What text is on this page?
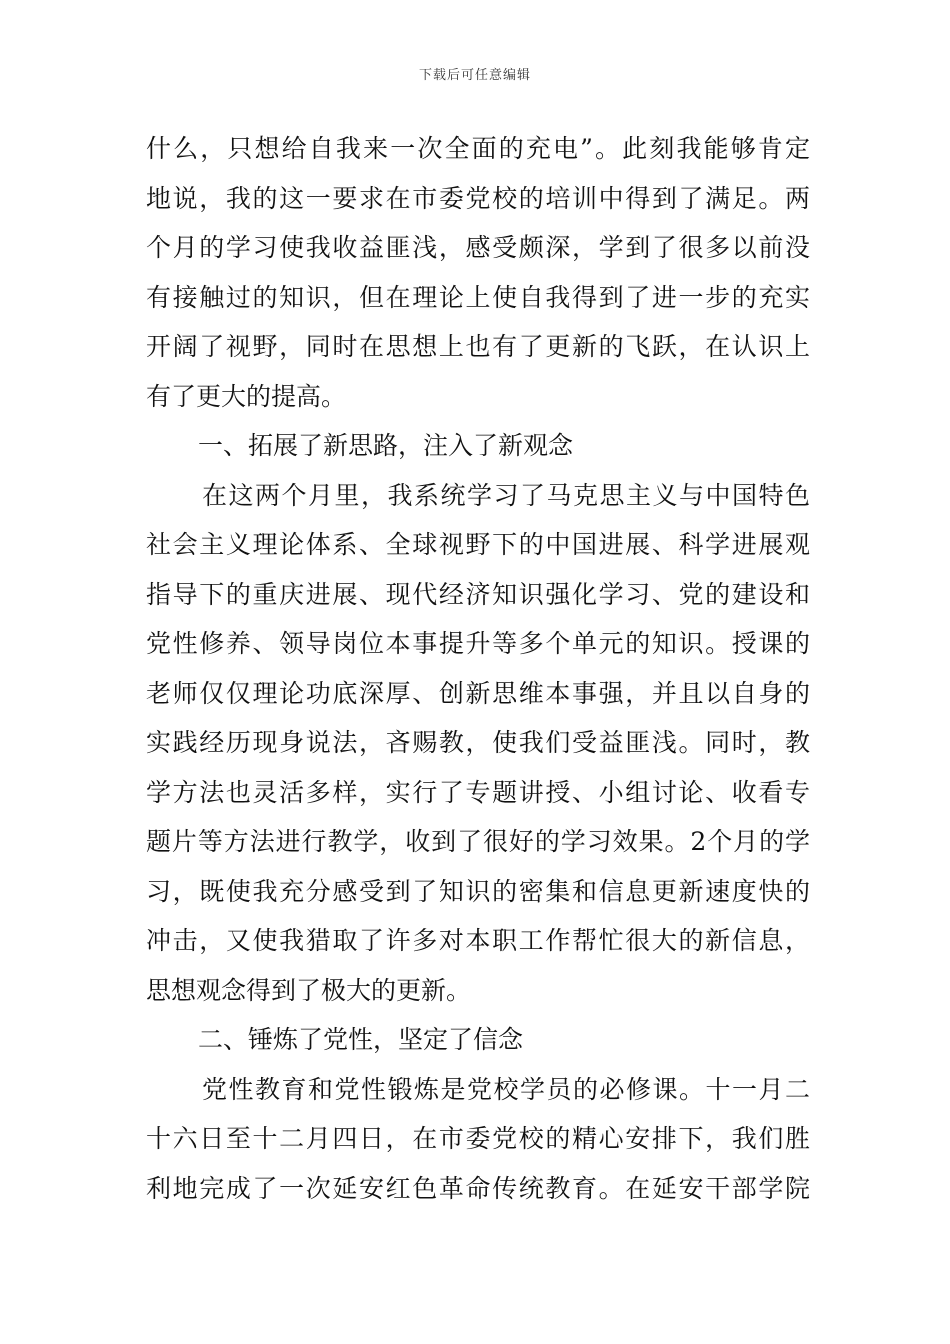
下载后可任意编辑
什么，只想给自我来一次全面的充电”。此刻我能够肯定
地说，我的这一要求在市委党校的培训中得到了满足。两
个月的学习使我收益匪浅，感受颇深，学到了很多以前没
有接触过的知识，但在理论上使自我得到了进一步的充实
开阔了视野，同时在思想上也有了更新的飞跃，在认识上
有了更大的提高。
一、拓展了新思路，注入了新观念
在这两个月里，我系统学习了马克思主义与中国特色
社会主义理论体系、全球视野下的中国进展、科学进展观
指导下的重庆进展、现代经济知识强化学习、党的建设和
党性修养、领导岗位本事提升等多个单元的知识。授课的
老师仅仅理论功底深厚、创新思维本事强，并且以自身的
实践经历现身说法，吝赐教，使我们受益匪浅。同时，教
学方法也灵活多样，实行了专题讲授、小组讨论、收看专
题片等方法进行教学，收到了很好的学习效果。2个月的学
习，既使我充分感受到了知识的密集和信息更新速度快的
冲击，又使我猎取了许多对本职工作帮忙很大的新信息，
思想观念得到了极大的更新。
二、锤炼了党性，坚定了信念
党性教育和党性锻炼是党校学员的必修课。十一月二
十六日至十二月四日，在市委党校的精心安排下，我们胜
利地完成了一次延安红色革命传统教育。在延安干部学院
